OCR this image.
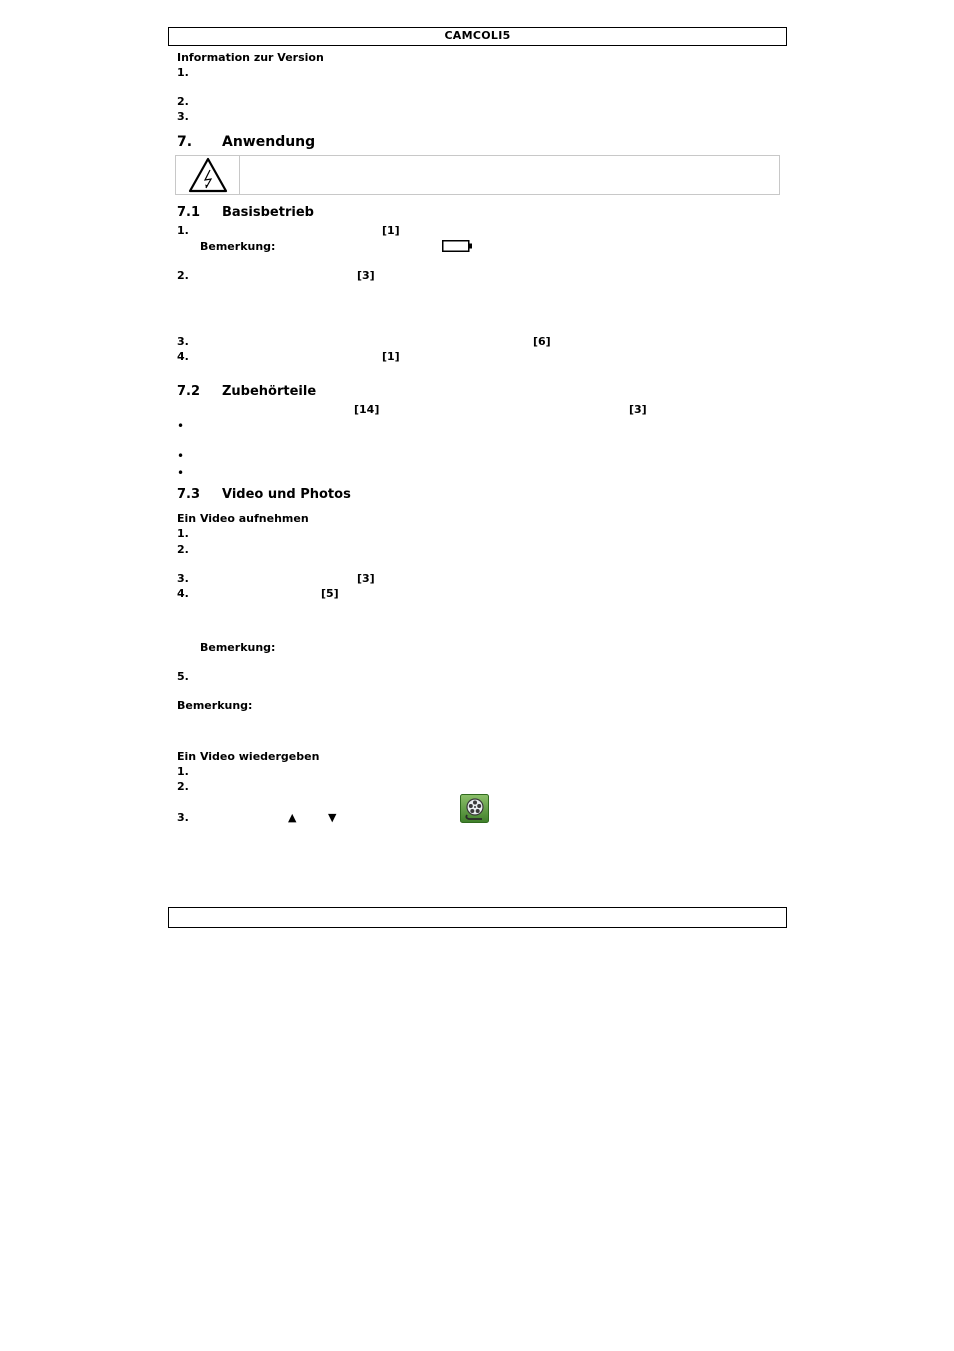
CAMCOLI5
Information zur Version
1.
2.
3.
7. Anwendung
7.1 Basisbetrieb
1.	[1]
Bemerkung:
2.	[3]
3.	[6]
4.	[1]
7.2 Zubehörteile
[14]	[3]
•
•
•
7.3 Video und Photos
Ein Video aufnehmen
1.
2.
3.	[3]
4.	[5]
Bemerkung:
5.
Bemerkung:
Ein Video wiedergeben
1.
2.
3.	▲	▼
